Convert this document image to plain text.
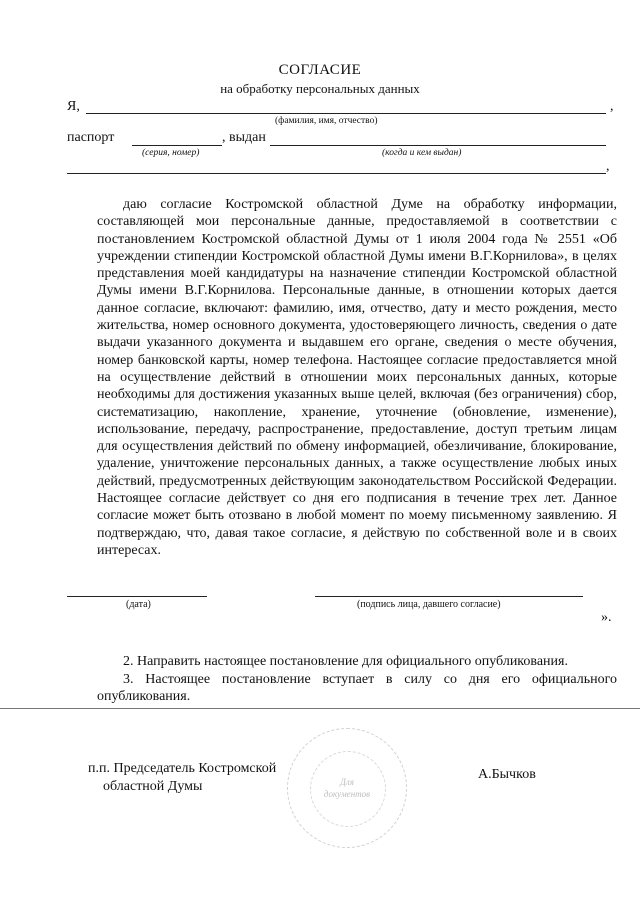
СОГЛАСИЕ
на обработку персональных данных
Я,	,
(фамилия, имя, отчество)
паспорт	, выдан
(серия, номер)	(когда и кем выдан)
,

даю согласие Костромской областной Думе на обработку информации, составляющей мои персональные данные, предоставляемой в соответствии с постановлением Костромской областной Думы от 1 июля 2004 года № 2551 «Об учреждении стипендии Костромской областной Думы имени В.Г.Корнилова», в целях представления моей кандидатуры на назначение стипендии Костромской областной Думы имени В.Г.Корнилова. Персональные данные, в отношении которых дается данное согласие, включают: фамилию, имя, отчество, дату и место рождения, место жительства, номер основного документа, удостоверяющего личность, сведения о дате выдачи указанного документа и выдавшем его органе, сведения о месте обучения, номер банковской карты, номер телефона. Настоящее согласие предоставляется мной на осуществление действий в отношении моих персональных данных, которые необходимы для достижения указанных выше целей, включая (без ограничения) сбор, систематизацию, накопление, хранение, уточнение (обновление, изменение), использование, передачу, распространение, предоставление, доступ третьим лицам для осуществления действий по обмену информацией, обезличивание, блокирование, удаление, уничтожение персональных данных, а также осуществление любых иных действий, предусмотренных действующим законодательством Российской Федерации. Настоящее согласие действует со дня его подписания в течение трех лет. Данное согласие может быть отозвано в любой момент по моему письменному заявлению. Я подтверждаю, что, давая такое согласие, я действую по собственной воле и в своих интересах.

(дата)	(подпись лица, давшего согласие)
».

2. Направить настоящее постановление для официального опубликования.

3. Настоящее постановление вступает в силу со дня его официального опубликования.

Для
документов
п.п. Председатель Костромской
областной Думы
А.Бычков
